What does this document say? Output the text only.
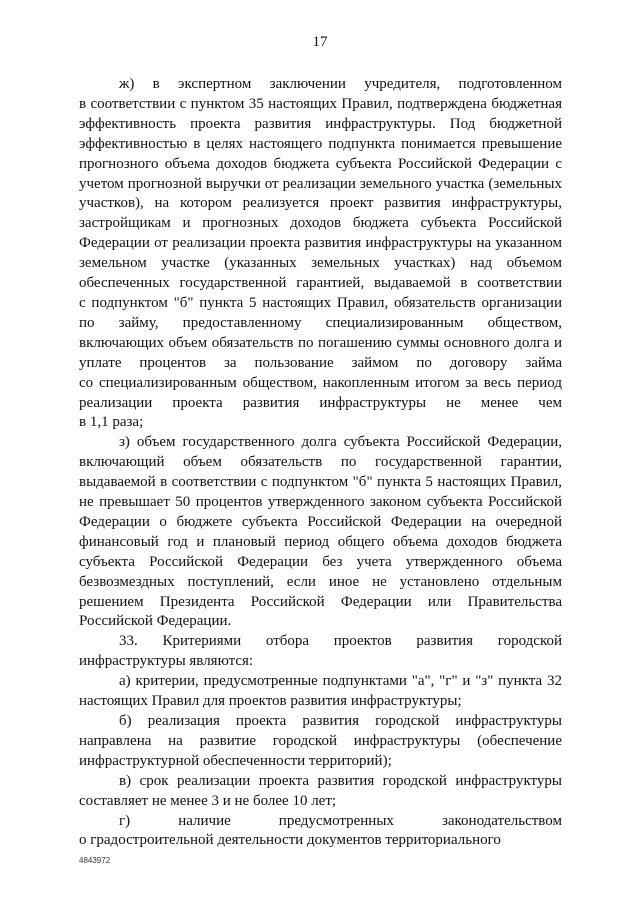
17
ж) в экспертном заключении учредителя, подготовленном
в соответствии с пунктом 35 настоящих Правил, подтверждена бюджетная
эффективность проекта развития инфраструктуры. Под бюджетной
эффективностью в целях настоящего подпункта понимается превышение
прогнозного объема доходов бюджета субъекта Российской Федерации с
учетом прогнозной выручки от реализации земельного участка (земельных
участков), на котором реализуется проект развития инфраструктуры,
застройщикам и прогнозных доходов бюджета субъекта Российской
Федерации от реализации проекта развития инфраструктуры на указанном
земельном участке (указанных земельных участках) над объемом
обеспеченных государственной гарантией, выдаваемой в соответствии
с подпунктом "б" пункта 5 настоящих Правил, обязательств организации
по займу, предоставленному специализированным обществом,
включающих объем обязательств по погашению суммы основного долга и
уплате процентов за пользование займом по договору займа
со специализированным обществом, накопленным итогом за весь период
реализации проекта развития инфраструктуры не менее чем
в 1,1 раза;
з) объем государственного долга субъекта Российской Федерации,
включающий объем обязательств по государственной гарантии,
выдаваемой в соответствии с подпунктом "б" пункта 5 настоящих Правил,
не превышает 50 процентов утвержденного законом субъекта Российской
Федерации о бюджете субъекта Российской Федерации на очередной
финансовый год и плановый период общего объема доходов бюджета
субъекта Российской Федерации без учета утвержденного объема
безвозмездных поступлений, если иное не установлено отдельным
решением Президента Российской Федерации или Правительства
Российской Федерации.
33. Критериями отбора проектов развития городской
инфраструктуры являются:
а) критерии, предусмотренные подпунктами "а", "г" и "з" пункта 32
настоящих Правил для проектов развития инфраструктуры;
б) реализация проекта развития городской инфраструктуры
направлена на развитие городской инфраструктуры (обеспечение
инфраструктурной обеспеченности территорий);
в) срок реализации проекта развития городской инфраструктуры
составляет не менее 3 и не более 10 лет;
г) наличие предусмотренных законодательством
о градостроительной деятельности документов территориального
4843972
